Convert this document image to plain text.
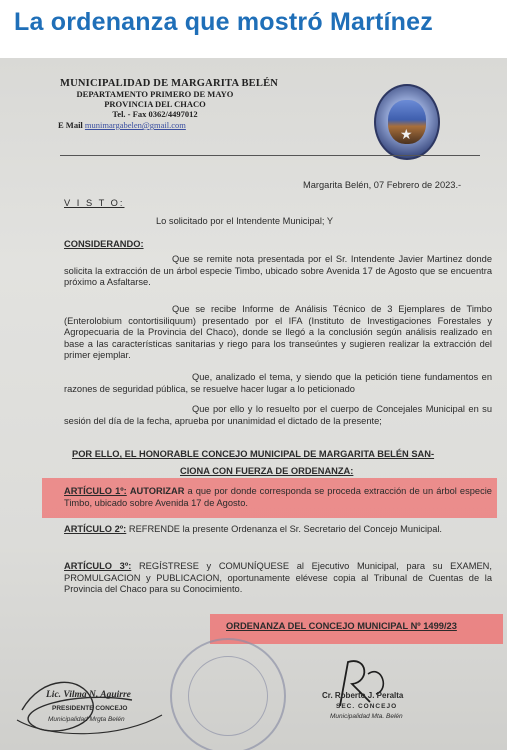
La ordenanza que mostró Martínez
MUNICIPALIDAD DE MARGARITA BELÉN
DEPARTAMENTO PRIMERO DE MAYO
PROVINCIA DEL CHACO
Tel. - Fax 0362/4497012
E Mail munimargabelen@gmail.com
★
Margarita Belén, 07 Febrero de 2023.-
V I S T O:
Lo solicitado por el Intendente Municipal; Y
CONSIDERANDO:
Que se remite nota presentada por el Sr. Intendente Javier Martinez donde solicita la extracción de un árbol especie Timbo, ubicado sobre Avenida 17 de Agosto que se encuentra próximo a Asfaltarse.
Que se recibe Informe de Análisis Técnico de 3 Ejemplares de Timbo (Enterolobium contortisiliquum) presentado por el IFA (Instituto de Investigaciones Forestales y Agropecuaria de la Provincia del Chaco), donde se llegó a la conclusión según análisis realizado en base a las características sanitarias y riego para los transeúntes y sugieren realizar la extracción del primer ejemplar.
Que, analizado el tema, y siendo que la petición tiene fundamentos en razones de seguridad pública, se resuelve hacer lugar a lo peticionado
Que por ello y lo resuelto por el cuerpo de Concejales Municipal en su sesión del día de la fecha, aprueba por unanimidad el dictado de la presente;
POR ELLO, EL HONORABLE CONCEJO MUNICIPAL DE MARGARITA BELÉN SAN-
CIONA CON FUERZA DE ORDENANZA:
ARTÍCULO 1º: AUTORIZAR a que por donde corresponda se proceda extracción de un árbol especie Timbo, ubicado sobre Avenida 17 de Agosto.
ARTÍCULO 2º: REFRENDE la presente Ordenanza el Sr. Secretario del Concejo Municipal.
ARTÍCULO 3º: REGÍSTRESE y COMUNÍQUESE al Ejecutivo Municipal, para su EXAMEN, PROMULGACION y PUBLICACION, oportunamente elévese copia al Tribunal de Cuentas de la Provincia del Chaco para su Conocimiento.
ORDENANZA DEL CONCEJO MUNICIPAL Nº 1499/23
Lic. Vilma N. Aguirre
PRESIDENTE CONCEJO
Municipalidad Mrgta Belén
Cr. Roberto J. Peralta
SEC. CONCEJO
Municipalidad Mta. Belén
